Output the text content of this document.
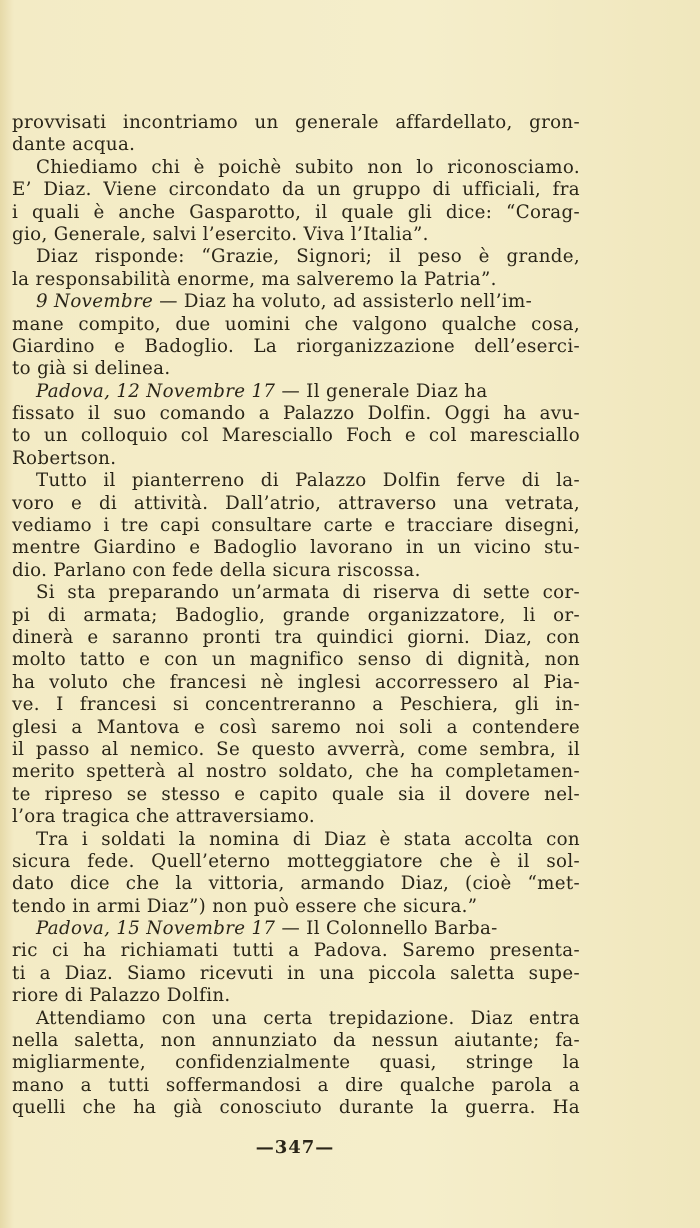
provvisati incontriamo un generale affardellato, gron-
dante acqua.
Chiediamo chi è poichè subito non lo riconosciamo.
E’ Diaz. Viene circondato da un gruppo di ufficiali, fra
i quali è anche Gasparotto, il quale gli dice: “Corag-
gio, Generale, salvi l’esercito. Viva l’Italia”.
Diaz risponde: “Grazie, Signori; il peso è grande,
la responsabilità enorme, ma salveremo la Patria”.
9 Novembre — Diaz ha voluto, ad assisterlo nell’im-
mane compito, due uomini che valgono qualche cosa,
Giardino e Badoglio. La riorganizzazione dell’eserci-
to già si delinea.
Padova, 12 Novembre 17 — Il generale Diaz ha
fissato il suo comando a Palazzo Dolfin. Oggi ha avu-
to un colloquio col Maresciallo Foch e col maresciallo
Robertson.
Tutto il pianterreno di Palazzo Dolfin ferve di la-
voro e di attività. Dall’atrio, attraverso una vetrata,
vediamo i tre capi consultare carte e tracciare disegni,
mentre Giardino e Badoglio lavorano in un vicino stu-
dio. Parlano con fede della sicura riscossa.
Si sta preparando un’armata di riserva di sette cor-
pi di armata; Badoglio, grande organizzatore, li or-
dinerà e saranno pronti tra quindici giorni. Diaz, con
molto tatto e con un magnifico senso di dignità, non
ha voluto che francesi nè inglesi accorressero al Pia-
ve. I francesi si concentreranno a Peschiera, gli in-
glesi a Mantova e così saremo noi soli a contendere
il passo al nemico. Se questo avverrà, come sembra, il
merito spetterà al nostro soldato, che ha completamen-
te ripreso se stesso e capito quale sia il dovere nel-
l’ora tragica che attraversiamo.
Tra i soldati la nomina di Diaz è stata accolta con
sicura fede. Quell’eterno motteggiatore che è il sol-
dato dice che la vittoria, armando Diaz, (cioè “met-
tendo in armi Diaz”) non può essere che sicura.”
Padova, 15 Novembre 17 — Il Colonnello Barba-
ric ci ha richiamati tutti a Padova. Saremo presenta-
ti a Diaz. Siamo ricevuti in una piccola saletta supe-
riore di Palazzo Dolfin.
Attendiamo con una certa trepidazione. Diaz entra
nella saletta, non annunziato da nessun aiutante; fa-
migliarmente, confidenzialmente quasi, stringe la
mano a tutti soffermandosi a dire qualche parola a
quelli che ha già conosciuto durante la guerra. Ha
—347—
